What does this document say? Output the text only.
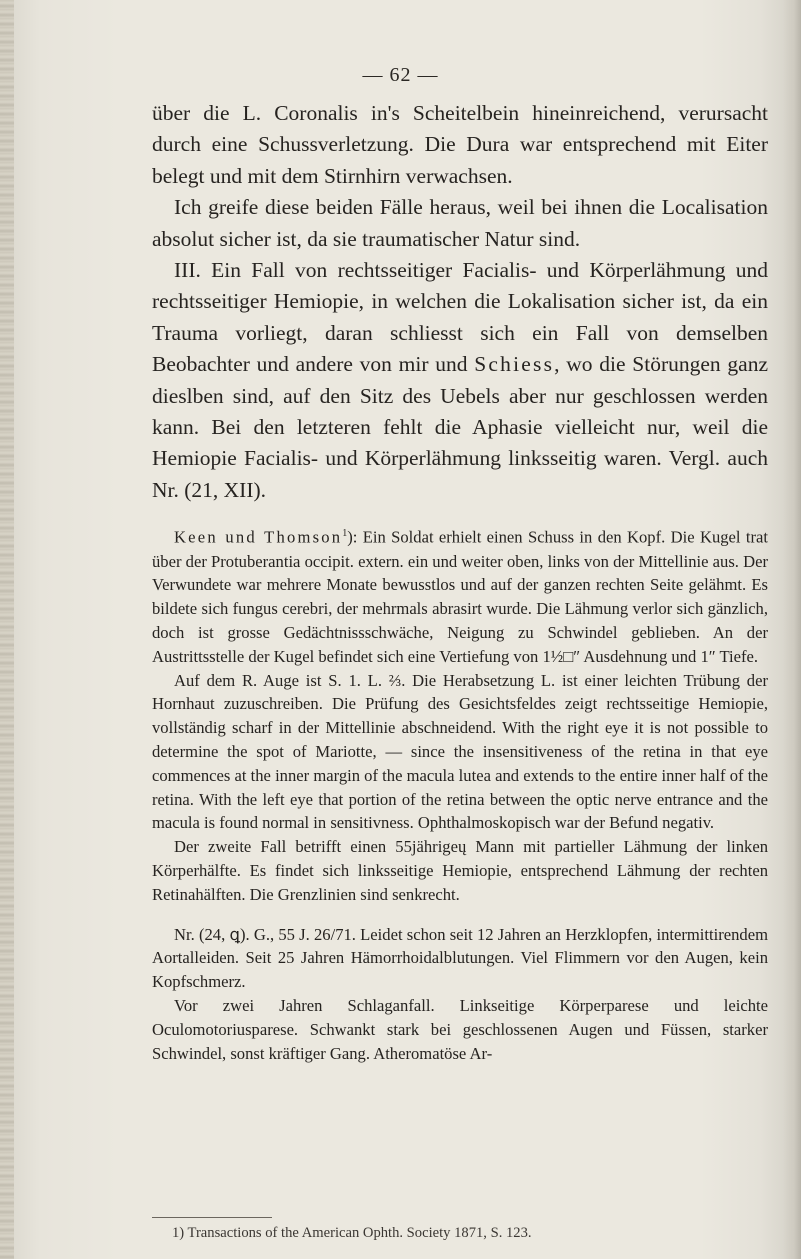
— 62 —

über die L. Coronalis in's Scheitelbein hineinreichend, verursacht durch eine Schussverletzung. Die Dura war entsprechend mit Eiter belegt und mit dem Stirnhirn verwachsen.

Ich greife diese beiden Fälle heraus, weil bei ihnen die Localisation absolut sicher ist, da sie traumatischer Natur sind.

III. Ein Fall von rechtsseitiger Facialis- und Körperlähmung und rechtsseitiger Hemiopie, in welchen die Lokalisation sicher ist, da ein Trauma vorliegt, daran schliesst sich ein Fall von demselben Beobachter und andere von mir und Schiess, wo die Störungen ganz dieslben sind, auf den Sitz des Uebels aber nur geschlossen werden kann. Bei den letzteren fehlt die Aphasie vielleicht nur, weil die Hemiopie Facialis- und Körperlähmung linksseitig waren. Vergl. auch Nr. (21, XII).

Keen und Thomson$^1$): Ein Soldat erhielt einen Schuss in den Kopf. Die Kugel trat über der Protuberantia occipit. extern. ein und weiter oben, links von der Mittellinie aus. Der Verwundete war mehrere Monate bewusstlos und auf der ganzen rechten Seite gelähmt. Es bildete sich fungus cerebri, der mehrmals abrasirt wurde. Die Lähmung verlor sich gänzlich, doch ist grosse Gedächtnissschwäche, Neigung zu Schwindel geblieben. An der Austrittsstelle der Kugel befindet sich eine Vertiefung von 1½□″ Ausdehnung und 1″ Tiefe.

Auf dem R. Auge ist S. 1. L. ⅔. Die Herabsetzung L. ist einer leichten Trübung der Hornhaut zuzuschreiben. Die Prüfung des Gesichtsfeldes zeigt rechtsseitige Hemiopie, vollständig scharf in der Mittellinie abschneidend. With the right eye it is not possible to determine the spot of Mariotte, — since the insensitiveness of the retina in that eye commences at the inner margin of the macula lutea and extends to the entire inner half of the retina. With the left eye that portion of the retina between the optic nerve entrance and the macula is found normal in sensitivness. Ophthalmoskopisch war der Befund negativ.

Der zweite Fall betrifft einen 55jährigeų Mann mit partieller Lähmung der linken Körperhälfte. Es findet sich linksseitige Hemiopie, entsprechend Lähmung der rechten Retinahälften. Die Grenzlinien sind senkrecht.

Nr. (24, ꝗ). G., 55 J. 26/71. Leidet schon seit 12 Jahren an Herzklopfen, intermittirendem Aortalleiden. Seit 25 Jahren Hämorrhoidalblutungen. Viel Flimmern vor den Augen, kein Kopfschmerz.

Vor zwei Jahren Schlaganfall. Linkseitige Körperparese und leichte Oculomotoriusparese. Schwankt stark bei geschlossenen Augen und Füssen, starker Schwindel, sonst kräftiger Gang. Atheromatöse Ar-

1) Transactions of the American Ophth. Society 1871, S. 123.
